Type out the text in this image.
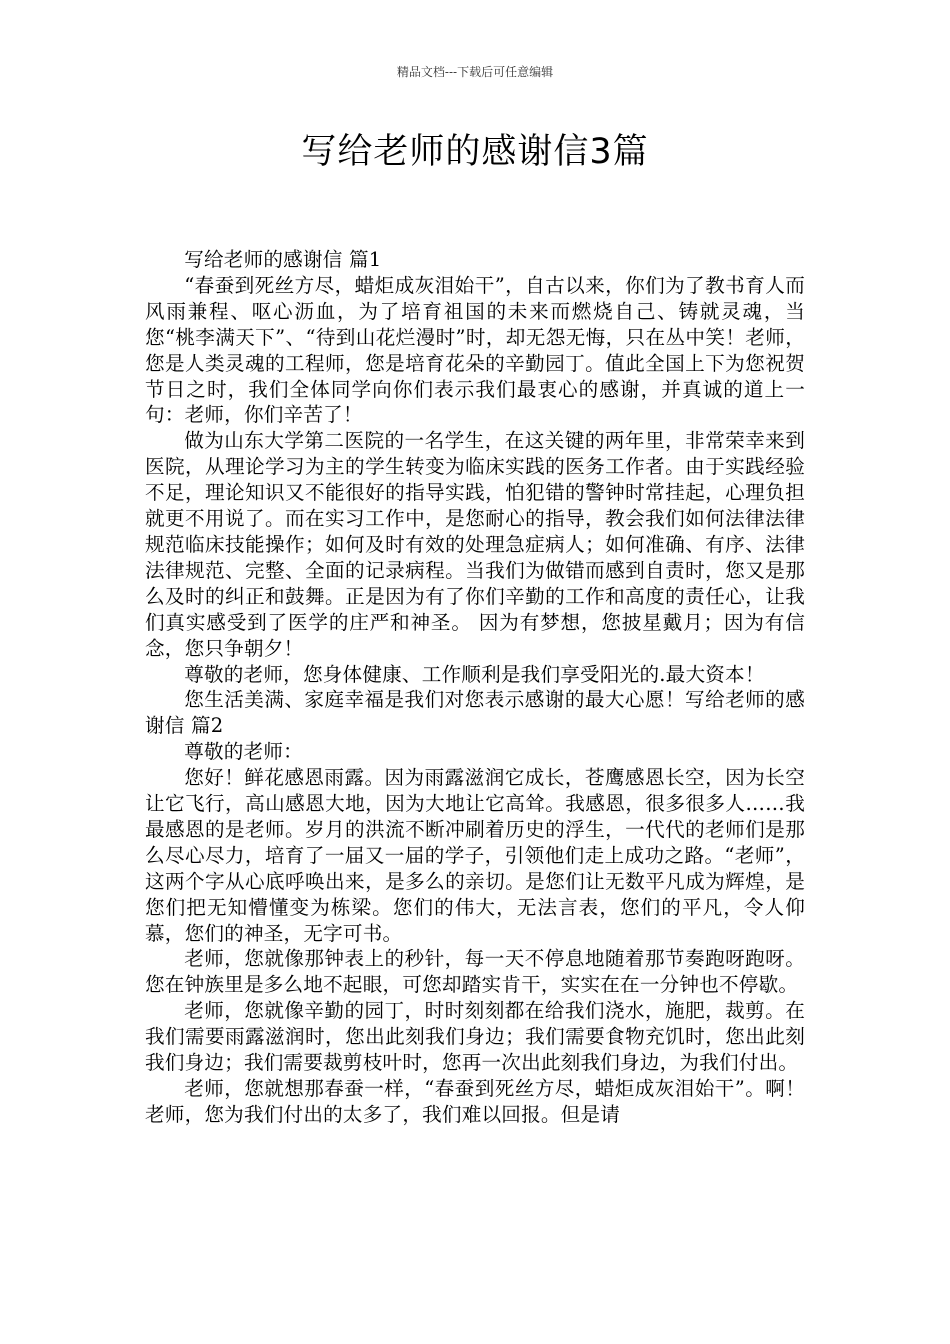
精品文档---下载后可任意编辑
写给老师的感谢信3篇

写给老师的感谢信 篇1

“春蚕到死丝方尽，蜡炬成灰泪始干”，自古以来，你们为了教书育人而风雨兼程、呕心沥血，为了培育祖国的未来而燃烧自己、铸就灵魂，当您“桃李满天下”、“待到山花烂漫时”时，却无怨无悔，只在丛中笑！老师，您是人类灵魂的工程师，您是培育花朵的辛勤园丁。值此全国上下为您祝贺节日之时，我们全体同学向你们表示我们最衷心的感谢，并真诚的道上一句：老师，你们辛苦了！

做为山东大学第二医院的一名学生，在这关键的两年里，非常荣幸来到医院，从理论学习为主的学生转变为临床实践的医务工作者。由于实践经验不足，理论知识又不能很好的指导实践，怕犯错的警钟时常挂起，心理负担就更不用说了。而在实习工作中，是您耐心的指导，教会我们如何法律法律规范临床技能操作；如何及时有效的处理急症病人；如何准确、有序、法律法律规范、完整、全面的记录病程。当我们为做错而感到自责时，您又是那么及时的纠正和鼓舞。正是因为有了你们辛勤的工作和高度的责任心，让我们真实感受到了医学的庄严和神圣。 因为有梦想，您披星戴月；因为有信念，您只争朝夕！

尊敬的老师，您身体健康、工作顺利是我们享受阳光的.最大资本！

您生活美满、家庭幸福是我们对您表示感谢的最大心愿！写给老师的感谢信 篇2

尊敬的老师：

您好！鲜花感恩雨露。因为雨露滋润它成长，苍鹰感恩长空，因为长空让它飞行，高山感恩大地，因为大地让它高耸。我感恩，很多很多人……我最感恩的是老师。岁月的洪流不断冲刷着历史的浮生，一代代的老师们是那么尽心尽力，培育了一届又一届的学子，引领他们走上成功之路。“老师”，这两个字从心底呼唤出来，是多么的亲切。是您们让无数平凡成为辉煌，是您们把无知懵懂变为栋梁。您们的伟大，无法言表，您们的平凡，令人仰慕，您们的神圣，无字可书。

老师，您就像那钟表上的秒针，每一天不停息地随着那节奏跑呀跑呀。您在钟族里是多么地不起眼，可您却踏实肯干，实实在在一分钟也不停歇。

老师，您就像辛勤的园丁，时时刻刻都在给我们浇水，施肥，裁剪。在我们需要雨露滋润时，您出此刻我们身边；我们需要食物充饥时，您出此刻我们身边；我们需要裁剪枝叶时，您再一次出此刻我们身边，为我们付出。

老师，您就想那春蚕一样，“春蚕到死丝方尽，蜡炬成灰泪始干”。啊！老师，您为我们付出的太多了，我们难以回报。但是请
